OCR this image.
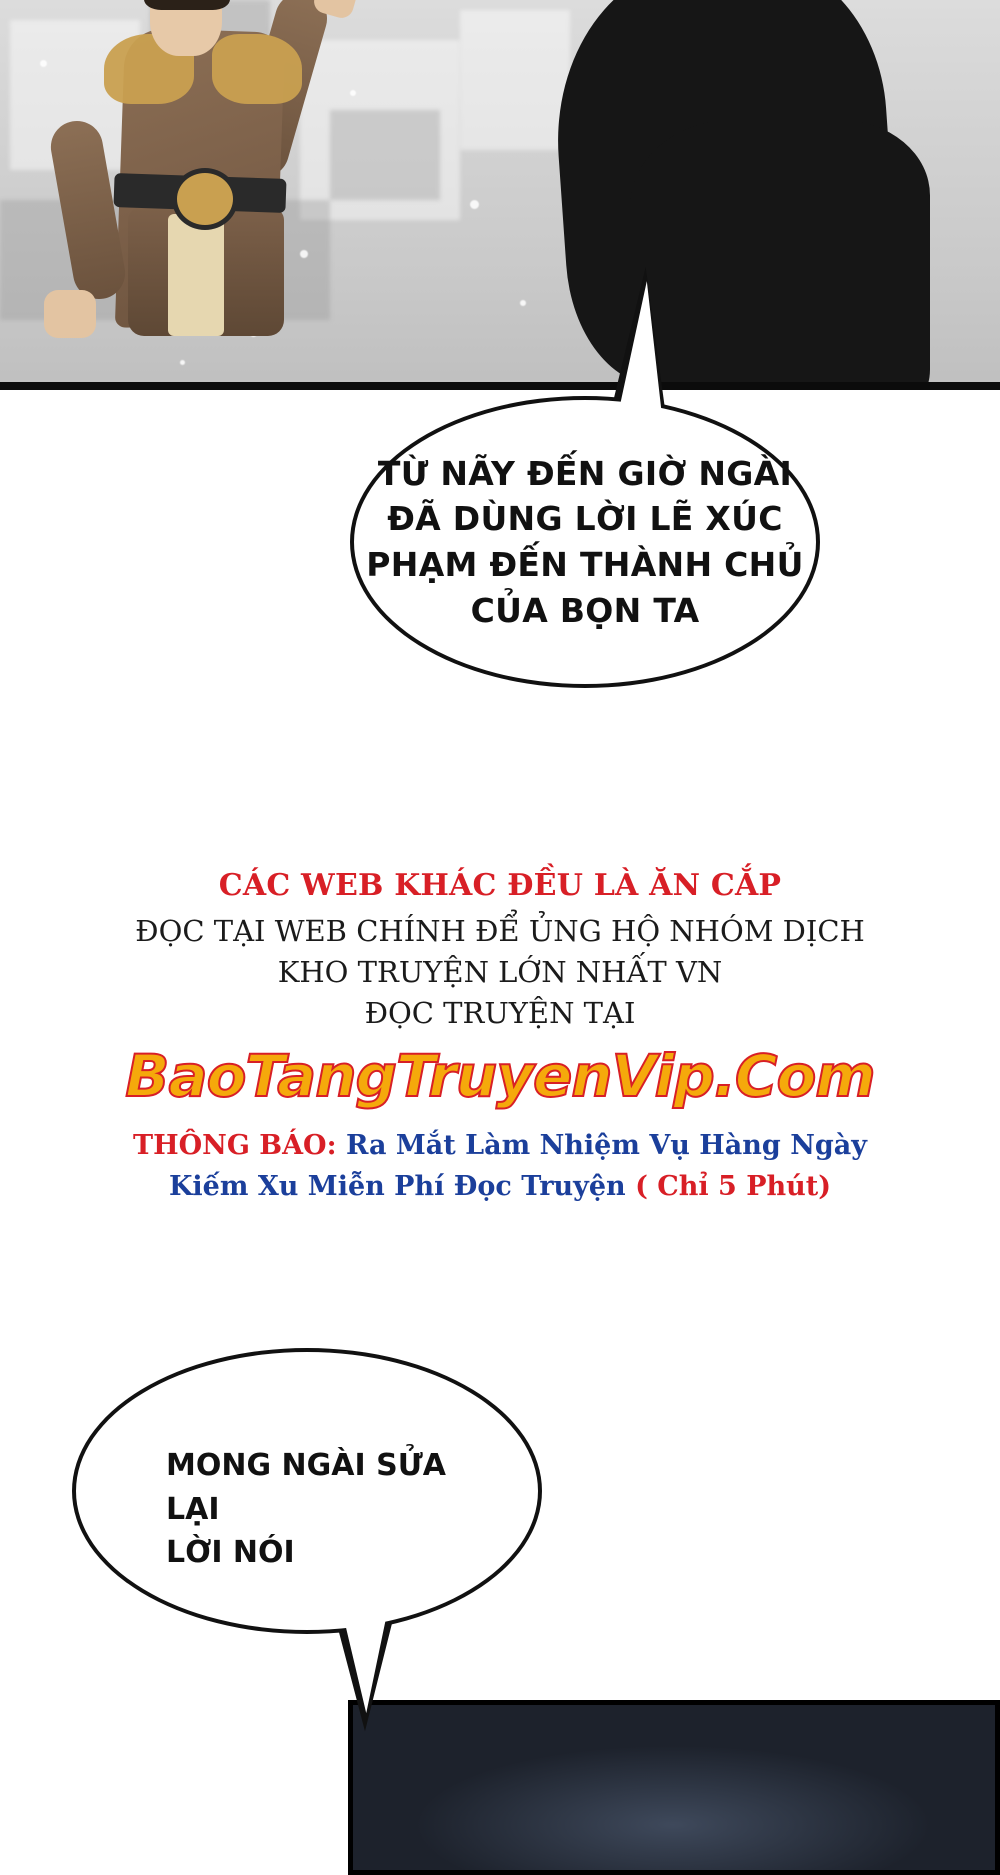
TỪ NÃY ĐẾN GIỜ NGÀI
ĐÃ DÙNG LỜI LẼ XÚC
PHẠM ĐẾN THÀNH CHỦ
CỦA BỌN TA
CÁC WEB KHÁC ĐỀU LÀ ĂN CẮP
ĐỌC TẠI WEB CHÍNH ĐỂ ỦNG HỘ NHÓM DỊCH
KHO TRUYỆN LỚN NHẤT VN
ĐỌC TRUYỆN TẠI
BaoTangTruyenVip.Com
THÔNG BÁO: Ra Mắt Làm Nhiệm Vụ Hàng Ngày
Kiếm Xu Miễn Phí Đọc Truyện ( Chỉ 5 Phút)
MONG NGÀI SỬA LẠI
LỜI NÓI
